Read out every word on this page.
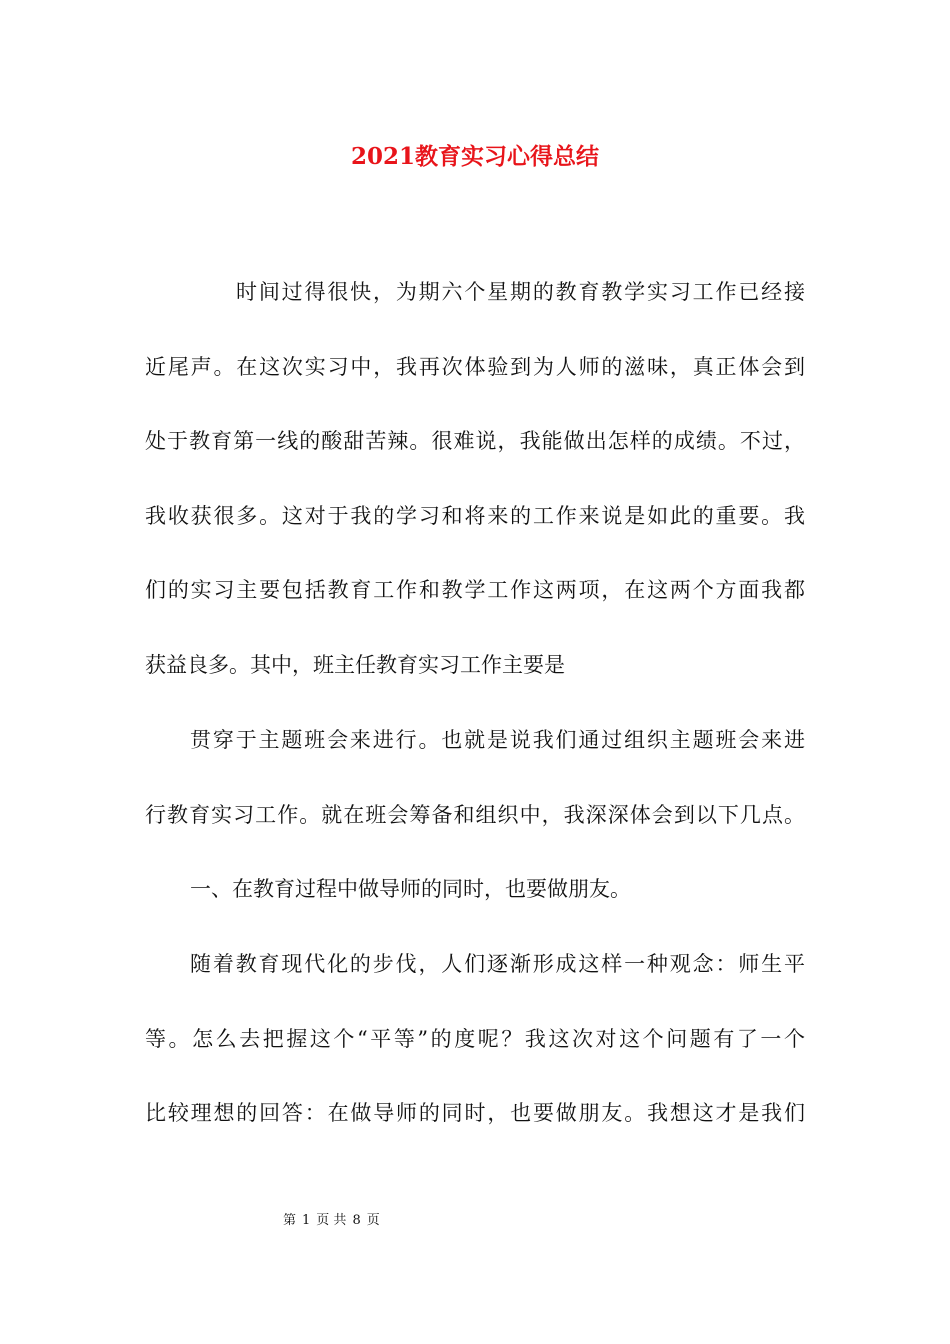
2021教育实习心得总结
时间过得很快，为期六个星期的教育教学实习工作已经接
近尾声。在这次实习中，我再次体验到为人师的滋味，真正体会到
处于教育第一线的酸甜苦辣。很难说，我能做出怎样的成绩。不过，
我收获很多。这对于我的学习和将来的工作来说是如此的重要。我
们的实习主要包括教育工作和教学工作这两项，在这两个方面我都
获益良多。其中，班主任教育实习工作主要是
贯穿于主题班会来进行。也就是说我们通过组织主题班会来进
行教育实习工作。就在班会筹备和组织中，我深深体会到以下几点。
一、在教育过程中做导师的同时，也要做朋友。
随着教育现代化的步伐，人们逐渐形成这样一种观念：师生平
等。怎么去把握这个“平等”的度呢？我这次对这个问题有了一个
比较理想的回答：在做导师的同时，也要做朋友。我想这才是我们
第 1 页 共 8 页
